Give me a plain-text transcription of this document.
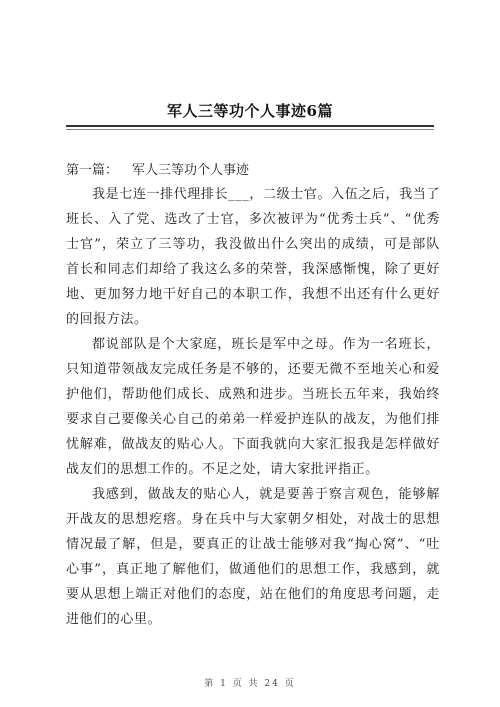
军人三等功个人事迹6篇
第一篇： 军人三等功个人事迹

我是七连一排代理排长___，二级士官。入伍之后，我当了班长、入了党、选改了士官，多次被评为“优秀士兵”、“优秀士官”，荣立了三等功，我没做出什么突出的成绩，可是部队首长和同志们却给了我这么多的荣誉，我深感惭愧，除了更好地、更加努力地干好自己的本职工作，我想不出还有什么更好的回报方法。

都说部队是个大家庭，班长是军中之母。作为一名班长，只知道带领战友完成任务是不够的，还要无微不至地关心和爱护他们，帮助他们成长、成熟和进步。当班长五年来，我始终要求自己要像关心自己的弟弟一样爱护连队的战友，为他们排忧解难，做战友的贴心人。下面我就向大家汇报我是怎样做好战友们的思想工作的。不足之处，请大家批评指正。

我感到，做战友的贴心人，就是要善于察言观色，能够解开战友的思想疙瘩。身在兵中与大家朝夕相处，对战士的思想情况最了解，但是，要真正的让战士能够对我“掏心窝”、“吐心事”，真正地了解他们，做通他们的思想工作，我感到，就要从思想上端正对他们的态度，站在他们的角度思考问题，走进他们的心里。

第 1 页 共 24 页
